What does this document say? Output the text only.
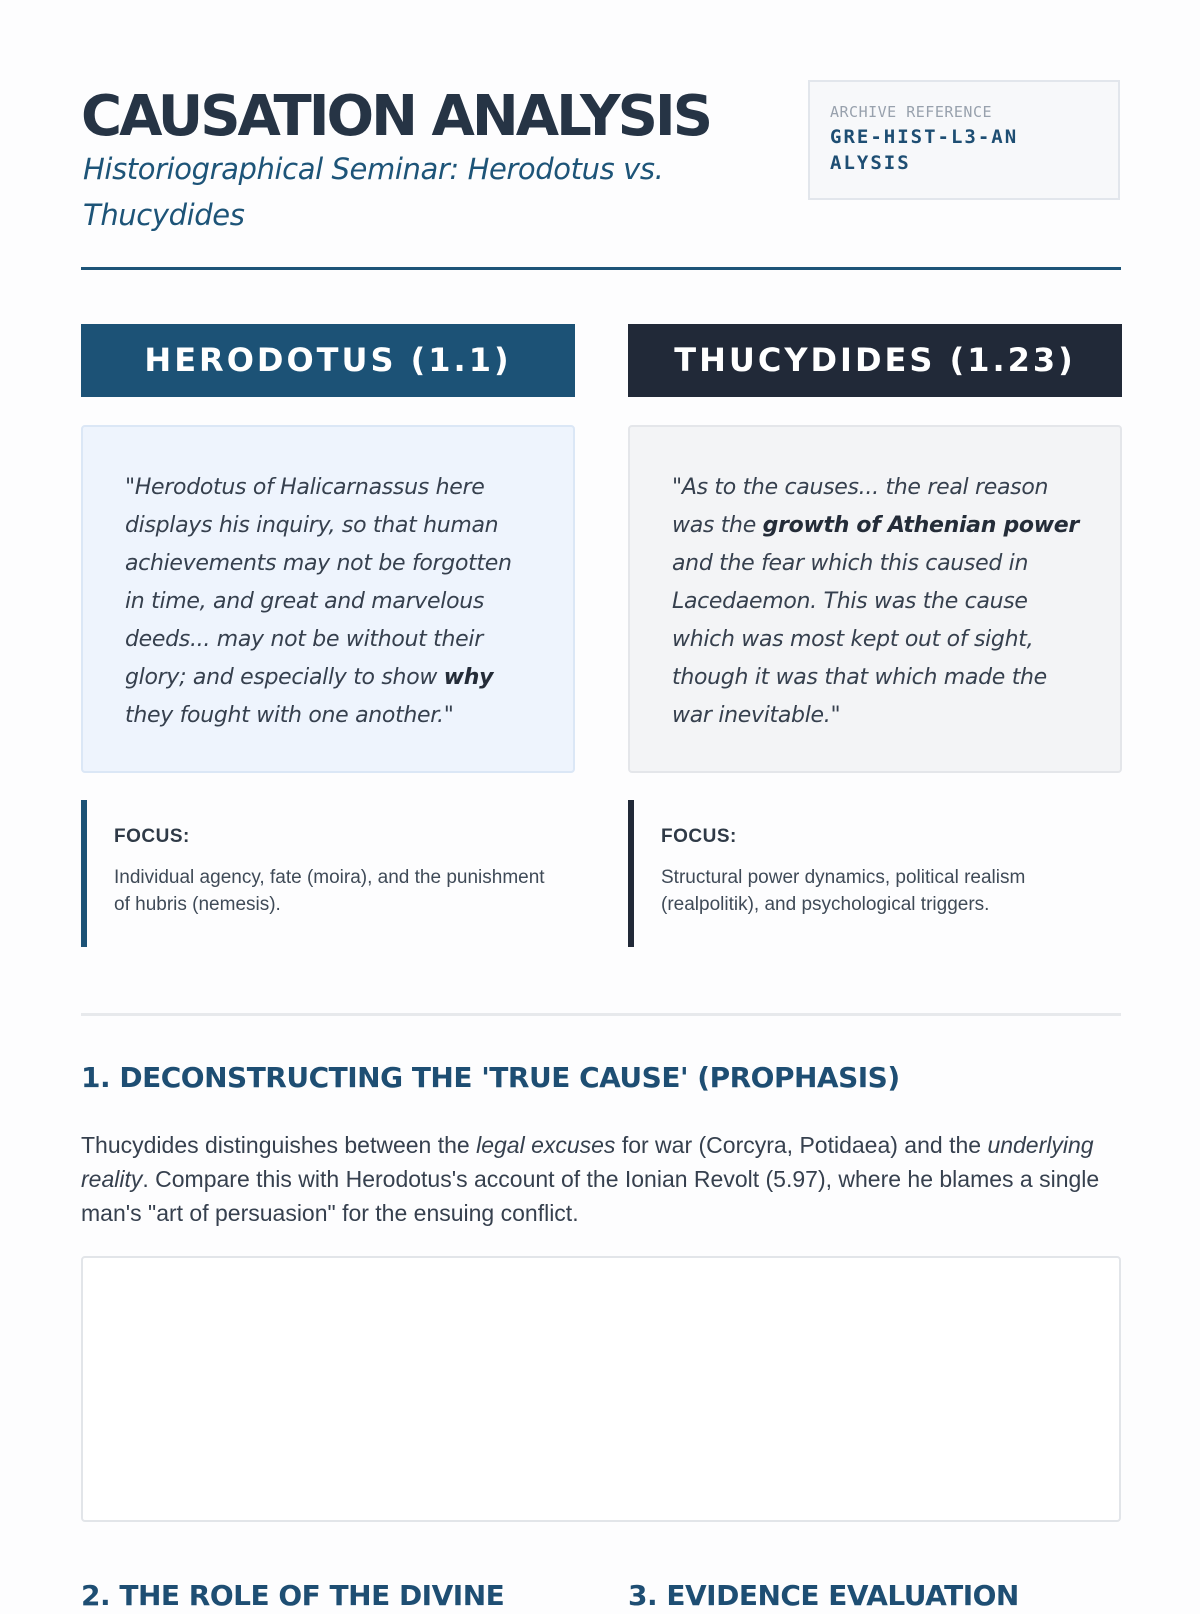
CAUSATION ANALYSIS

Historiographical Seminar: Herodotus vs. Thucydides

ARCHIVE REFERENCE
GRE-HIST-L3-ANALYSIS
HERODOTUS (1.1)
"Herodotus of Halicarnassus here displays his inquiry, so that human achievements may not be forgotten in time, and great and marvelous deeds... may not be without their glory; and especially to show why they fought with one another."
FOCUS:
Individual agency, fate (moira), and the punishment of hubris (nemesis).
THUCYDIDES (1.23)
"As to the causes... the real reason was the growth of Athenian power and the fear which this caused in Lacedaemon. This was the cause which was most kept out of sight, though it was that which made the war inevitable."
FOCUS:
Structural power dynamics, political realism (realpolitik), and psychological triggers.
1. DECONSTRUCTING THE 'TRUE CAUSE' (PROPHASIS)

Thucydides distinguishes between the legal excuses for war (Corcyra, Potidaea) and the underlying reality. Compare this with Herodotus's account of the Ionian Revolt (5.97), where he blames a single man's "art of persuasion" for the ensuing conflict.

2. THE ROLE OF THE DIVINE	3. EVIDENCE EVALUATION
